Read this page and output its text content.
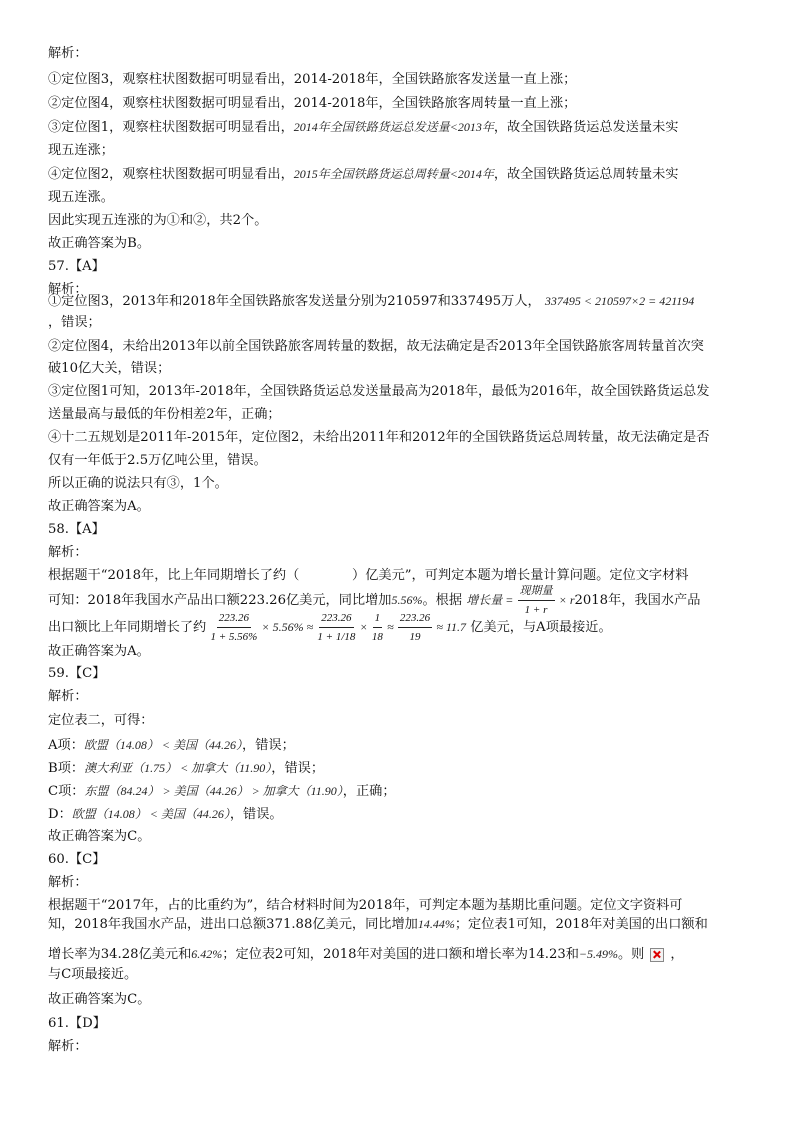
解析：
①定位图3，观察柱状图数据可明显看出，2014-2018年，全国铁路旅客发送量一直上涨；
②定位图4，观察柱状图数据可明显看出，2014-2018年，全国铁路旅客周转量一直上涨；
③定位图1，观察柱状图数据可明显看出，2014年全国铁路货运总发送量<2013年，故全国铁路货运总发送量未实
现五连涨；
④定位图2，观察柱状图数据可明显看出，2015年全国铁路货运总周转量<2014年，故全国铁路货运总周转量未实
现五连涨。
因此实现五连涨的为①和②，共2个。
故正确答案为B。
57.【A】
解析：
①定位图3，2013年和2018年全国铁路旅客发送量分别为210597和337495万人， 337495 < 210597×2 = 421194
，错误；
②定位图4，未给出2013年以前全国铁路旅客周转量的数据，故无法确定是否2013年全国铁路旅客周转量首次突
破10亿大关，错误；
③定位图1可知，2013年-2018年，全国铁路货运总发送量最高为2018年，最低为2016年，故全国铁路货运总发
送量最高与最低的年份相差2年，正确；
④十二五规划是2011年-2015年，定位图2，未给出2011年和2012年的全国铁路货运总周转量，故无法确定是否
仅有一年低于2.5万亿吨公里，错误。
所以正确的说法只有③，1个。
故正确答案为A。
58.【A】
解析：
根据题干“2018年，比上年同期增长了约（　　　　）亿美元”，可判定本题为增长量计算问题。定位文字材料
可知：2018年我国水产品出口额223.26亿美元，同比增加5.56%。根据 增长量 = $\frac{\text{现期量}}{1 + r} \times r2018$年，我国水产品
出口额比上年同期增长了约 $\frac{223.26}{1 + 5.56\%} \times 5.56\% \approx \frac{223.26}{1 + 1/18} \times \frac{1}{18} \approx \frac{223.26}{19} \approx 11.7$ 亿美元，与A项最接近。
故正确答案为A。
59.【C】
解析：
定位表二，可得：
A项：欧盟（14.08） < 美国（44.26），错误；
B项：澳大利亚（1.75） < 加拿大（11.90），错误；
C项：东盟（84.24） > 美国（44.26） > 加拿大（11.90），正确；
D：欧盟（14.08） < 美国（44.26），错误。
故正确答案为C。
60.【C】
解析：
根据题干“2017年，占的比重约为”，结合材料时间为2018年，可判定本题为基期比重问题。定位文字资料可
知，2018年我国水产品，进出口总额371.88亿美元，同比增加14.44%；定位表1可知，2018年对美国的出口额和
增长率为34.28亿美元和6.42%；定位表2可知，2018年对美国的进口额和增长率为14.23和−5.49%。则 ，
与C项最接近。
故正确答案为C。
61.【D】
解析：
